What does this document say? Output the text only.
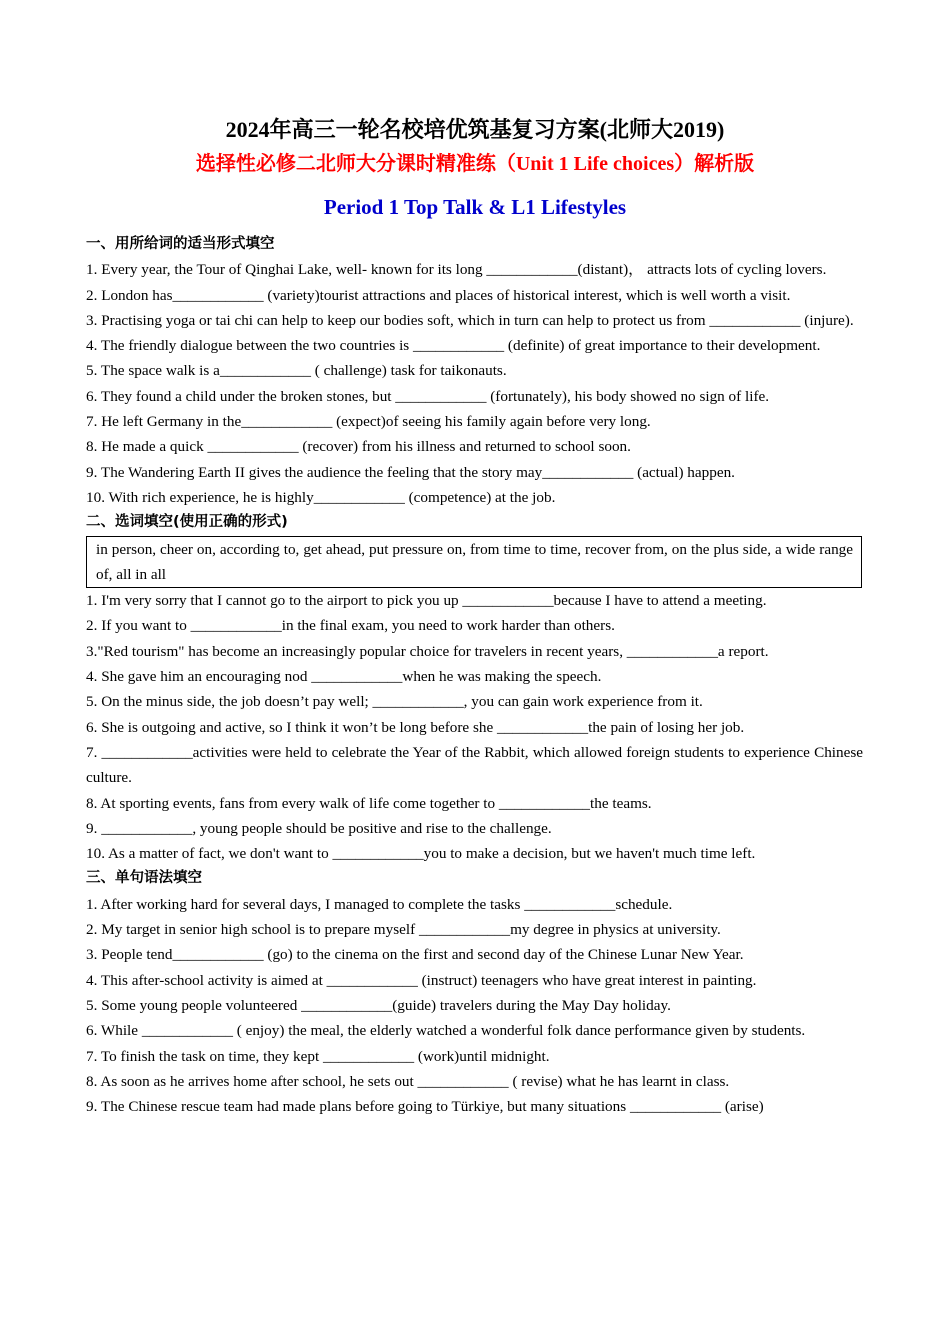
2024年高三一轮名校培优筑基复习方案(北师大2019)
选择性必修二北师大分课时精准练（Unit 1 Life choices）解析版
Period 1 Top Talk & L1 Lifestyles
一、用所给词的适当形式填空
1. Every year, the Tour of Qinghai Lake, well- known for its long ____________(distant)， attracts lots of cycling lovers.
2. London has____________ (variety)tourist attractions and places of historical interest, which is well worth a visit.
3. Practising yoga or tai chi can help to keep our bodies soft, which in turn can help to protect us from ____________ (injure).
4. The friendly dialogue between the two countries is ____________ (definite) of great importance to their development.
5. The space walk is a____________ ( challenge) task for taikonauts.
6. They found a child under the broken stones, but ____________ (fortunately), his body showed no sign of life.
7. He left Germany in the____________ (expect)of seeing his family again before very long.
8. He made a quick ____________ (recover) from his illness and returned to school soon.
9. The Wandering Earth II gives the audience the feeling that the story may____________ (actual) happen.
10. With rich experience, he is highly____________ (competence) at the job.
二、选词填空(使用正确的形式)
in person, cheer on, according to, get ahead, put pressure on, from time to time, recover from, on the plus side, a wide range of, all in all
1. I'm very sorry that I cannot go to the airport to pick you up ____________because I have to attend a meeting.
2. If you want to ____________in the final exam, you need to work harder than others.
3."Red tourism" has become an increasingly popular choice for travelers in recent years, ____________a report.
4. She gave him an encouraging nod ____________when he was making the speech.
5. On the minus side, the job doesn’t pay well; ____________, you can gain work experience from it.
6. She is outgoing and active, so I think it won’t be long before she ____________the pain of losing her job.
7. ____________activities were held to celebrate the Year of the Rabbit, which allowed foreign students to experience Chinese culture.
8. At sporting events, fans from every walk of life come together to ____________the teams.
9. ____________, young people should be positive and rise to the challenge.
10. As a matter of fact, we don't want to ____________you to make a decision, but we haven't much time left.
三、单句语法填空
1. After working hard for several days, I managed to complete the tasks ____________schedule.
2. My target in senior high school is to prepare myself ____________my degree in physics at university.
3. People tend____________ (go) to the cinema on the first and second day of the Chinese Lunar New Year.
4. This after-school activity is aimed at ____________ (instruct) teenagers who have great interest in painting.
5. Some young people volunteered ____________(guide) travelers during the May Day holiday.
6. While ____________ ( enjoy) the meal, the elderly watched a wonderful folk dance performance given by students.
7. To finish the task on time, they kept ____________ (work)until midnight.
8. As soon as he arrives home after school, he sets out ____________ ( revise) what he has learnt in class.
9. The Chinese rescue team had made plans before going to Türkiye, but many situations ____________ (arise)
